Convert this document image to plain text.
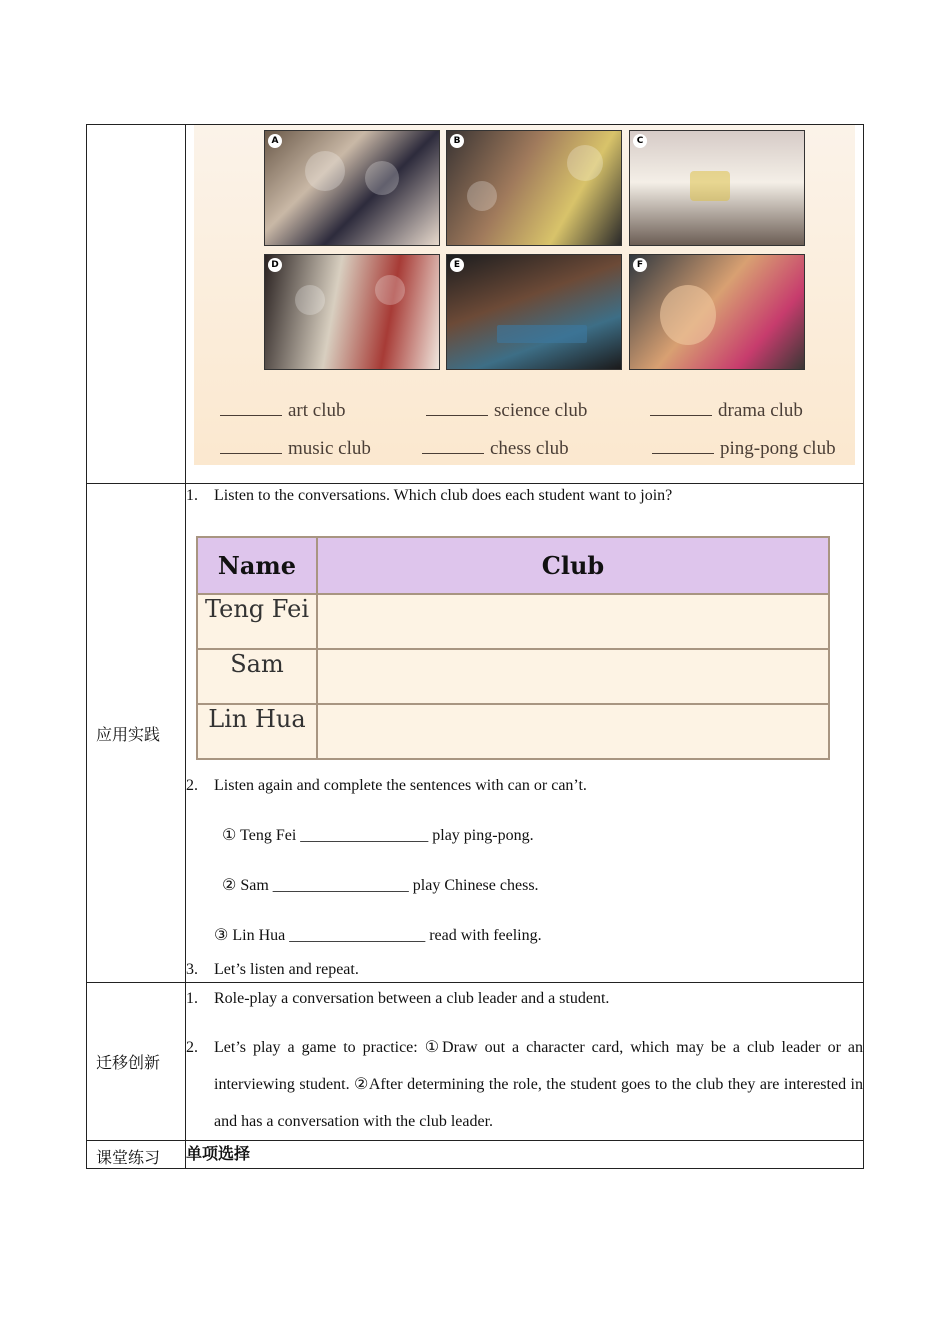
A	B	C
D	E	F
art club	science club	drama club
music club	chess club	ping-pong club

应用实践	
1. Listen to the conversations. Which club does each student want to join?
Name	Club
Teng Fei	
Sam	
Lin Hua	
2. Listen again and complete the sentences with can or can’t.
① Teng Fei ________________ play ping-pong.
② Sam _________________ play Chinese chess.
③ Lin Hua _________________ read with feeling.
3. Let’s listen and repeat.

迁移创新	
1. Role-play a conversation between a club leader and a student.
2. Let’s play a game to practice: ①Draw out a character card, which may be a club leader or an interviewing student. ②After determining the role, the student goes to the club they are interested in and has a conversation with the club leader.

课堂练习	单项选择
